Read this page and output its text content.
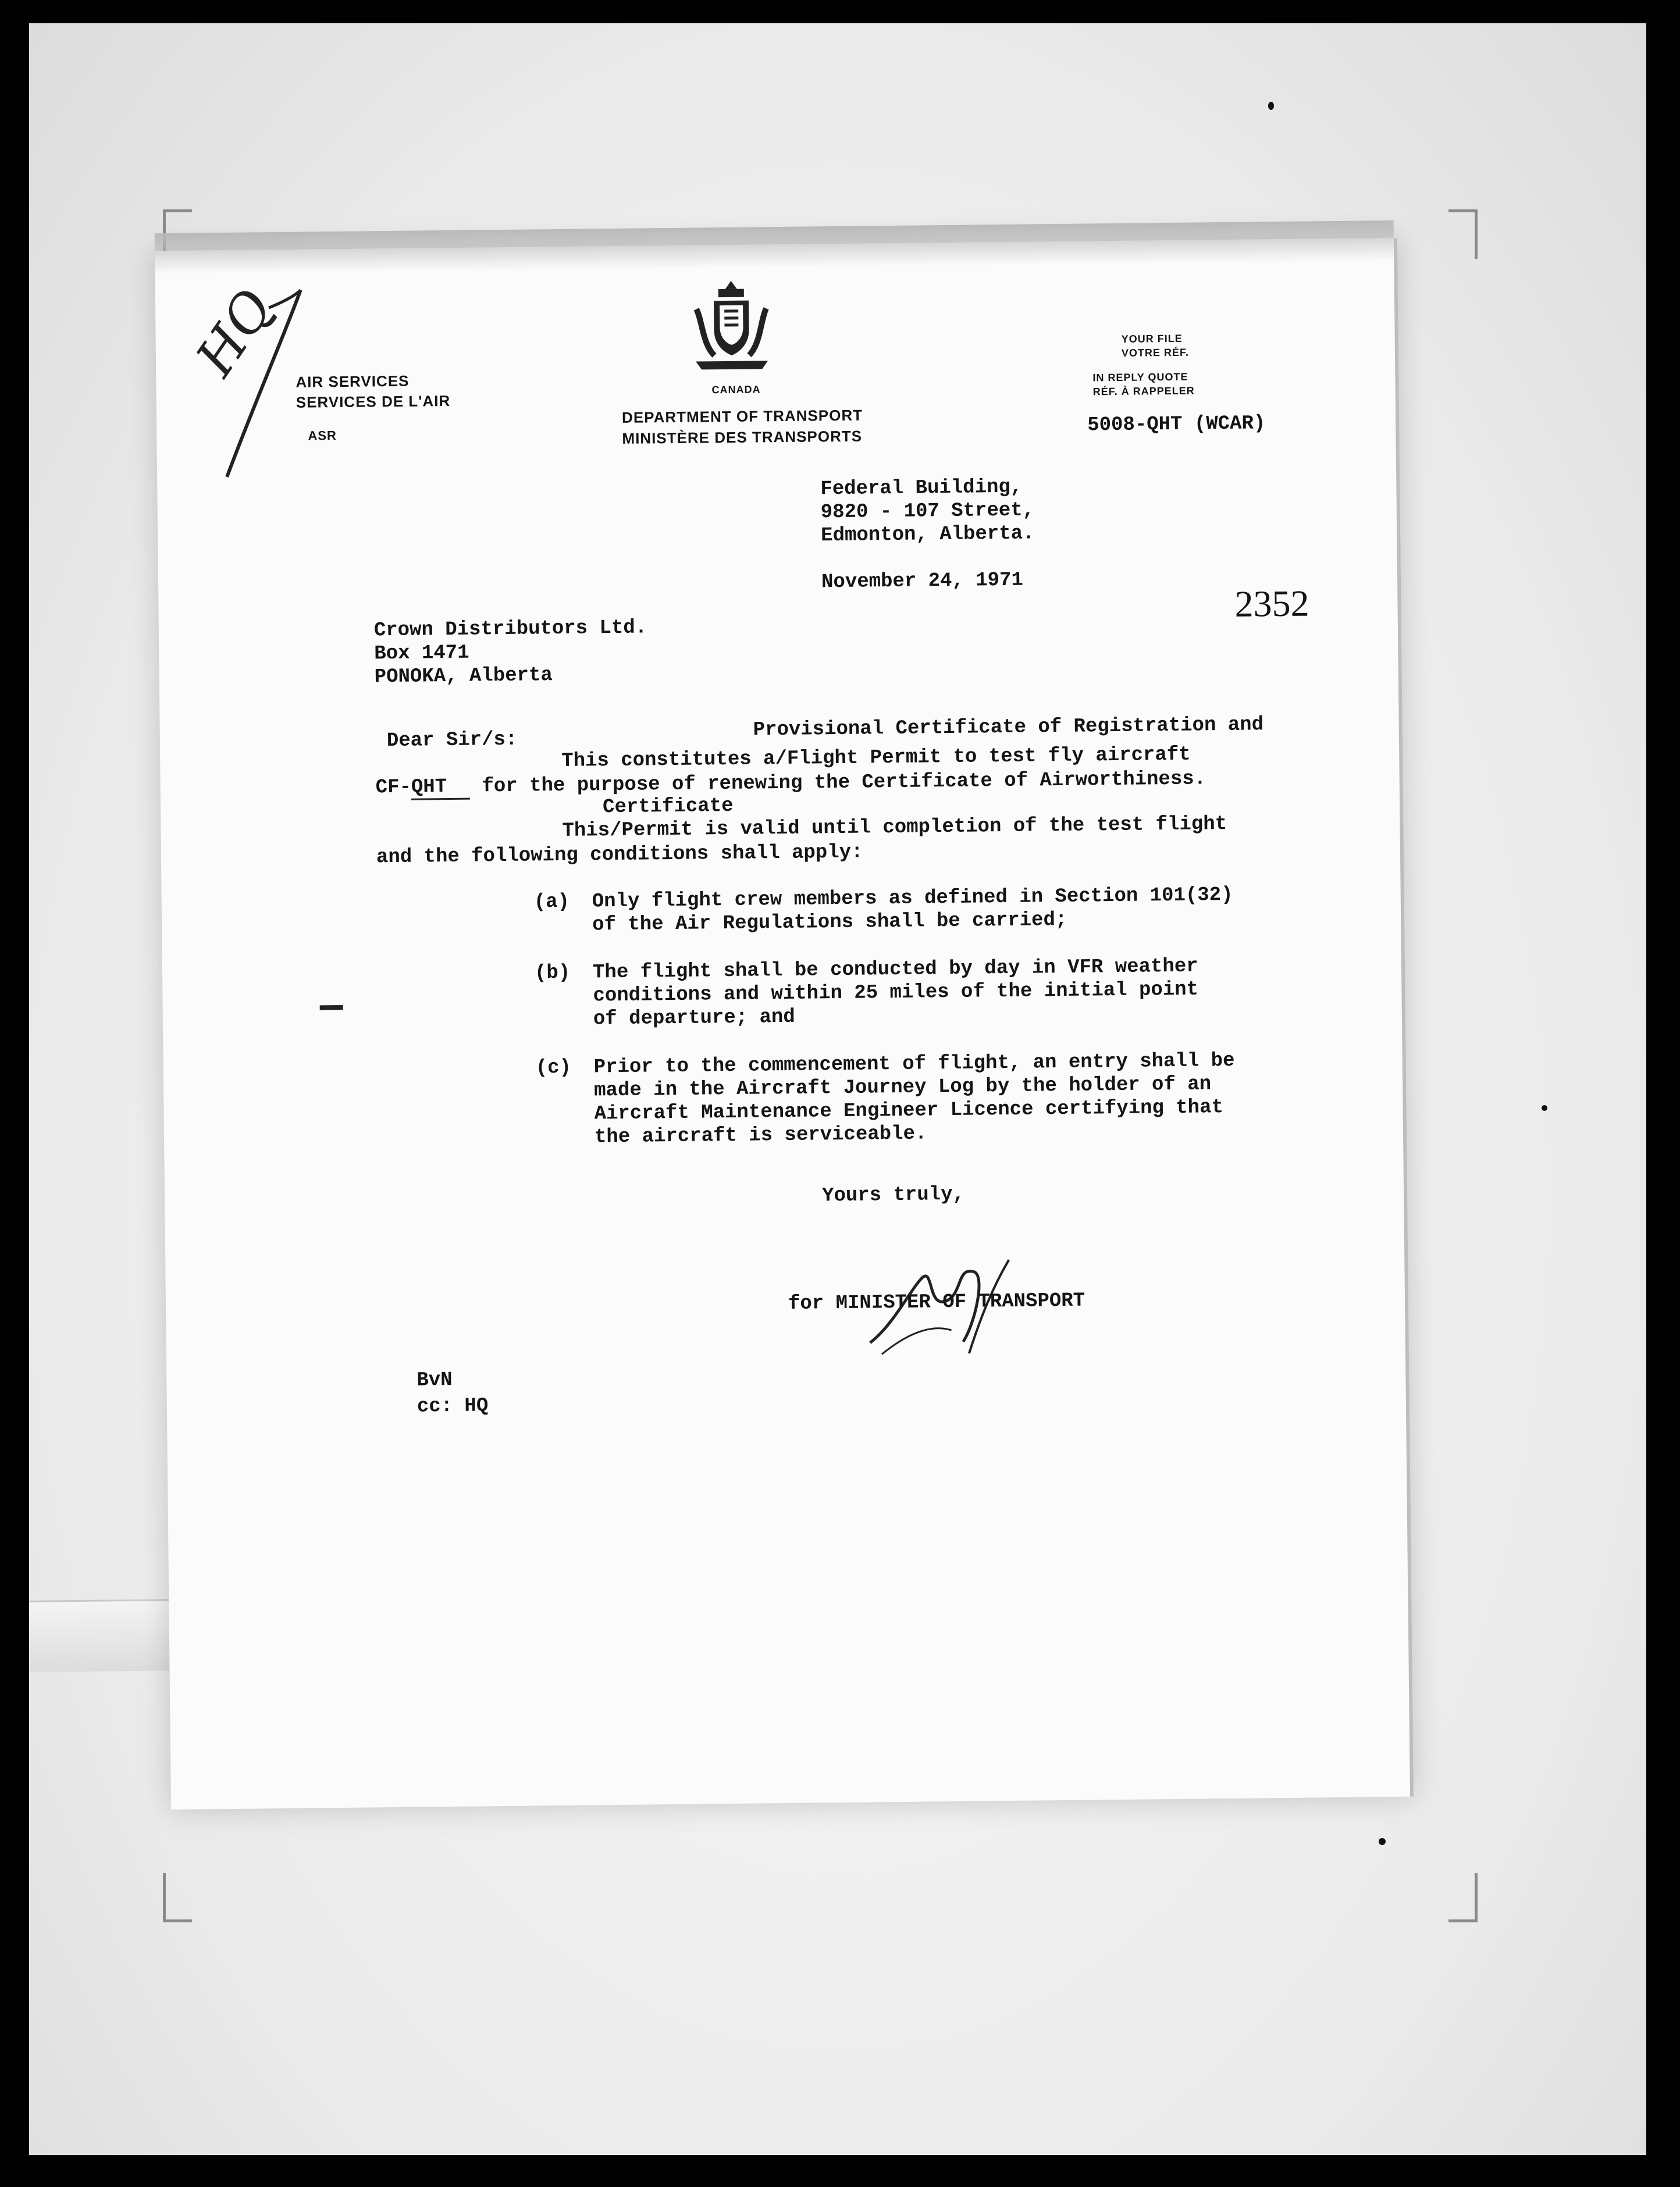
HQ AIR SERVICES
SERVICES DE L'AIR
ASR
CANADA
DEPARTMENT OF TRANSPORT
MINISTÈRE DES TRANSPORTS
YOUR FILE
VOTRE RÉF.
IN REPLY QUOTE
RÉF. À RAPPELER
5008-QHT (WCAR)
Federal Building,
9820 - 107 Street,
Edmonton, Alberta.
November 24, 1971
2352
Crown Distributors Ltd.
Box 1471
PONOKA, Alberta
Dear Sir/s:	Provisional Certificate of Registration and
This constitutes a/Flight Permit to test fly aircraft
CF-QHT for the purpose of renewing the Certificate of Airworthiness.
Certificate
This/Permit is valid until completion of the test flight
and the following conditions shall apply:
(a) Only flight crew members as defined in Section 101(32)
of the Air Regulations shall be carried;
(b) The flight shall be conducted by day in VFR weather
conditions and within 25 miles of the initial point
of departure; and
(c) Prior to the commencement of flight, an entry shall be
made in the Aircraft Journey Log by the holder of an
Aircraft Maintenance Engineer Licence certifying that
the aircraft is serviceable.
Yours truly,
for MINISTER OF TRANSPORT
BvN
cc: HQ
